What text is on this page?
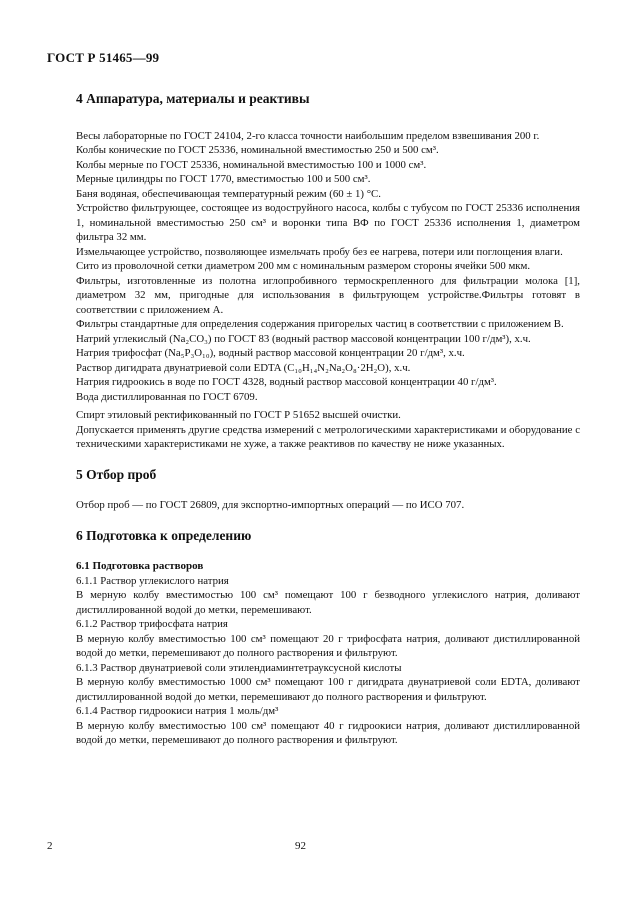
ГОСТ Р 51465—99
4 Аппаратура, материалы и реактивы

Весы лабораторные по ГОСТ 24104, 2-го класса точности наибольшим пределом взвешивания 200 г.

Колбы конические по ГОСТ 25336, номинальной вместимостью 250 и 500 см³.

Колбы мерные по ГОСТ 25336, номинальной вместимостью 100 и 1000 см³.

Мерные цилиндры по ГОСТ 1770, вместимостью 100 и 500 см³.

Баня водяная, обеспечивающая температурный режим (60 ± 1) °С.

Устройство фильтрующее, состоящее из водоструйного насоса, колбы с тубусом по ГОСТ 25336 исполнения 1, номинальной вместимостью 250 см³ и воронки типа ВФ по ГОСТ 25336 исполнения 1, диаметром фильтра 32 мм.

Измельчающее устройство, позволяющее измельчать пробу без ее нагрева, потери или поглощения влаги.

Сито из проволочной сетки диаметром 200 мм с номинальным размером стороны ячейки 500 мкм.

Фильтры, изготовленные из полотна иглопробивного термоскрепленного для фильтрации молока [1], диаметром 32 мм, пригодные для использования в фильтрующем устройстве.Фильтры готовят в соответствии с приложением А.

Фильтры стандартные для определения содержания пригорелых частиц в соответствии с приложением В.

Натрий углекислый (Na₂CO₃) по ГОСТ 83 (водный раствор массовой концентрации 100 г/дм³), х.ч.

Натрия трифосфат (Na₅P₃O₁₀), водный раствор массовой концентрации 20 г/дм³, х.ч.

Раствор дигидрата двунатриевой соли EDTA (C₁₀H₁₄N₂Na₂O₈·2H₂O), х.ч.

Натрия гидроокись в воде по ГОСТ 4328, водный раствор массовой концентрации 40 г/дм³.

Вода дистиллированная по ГОСТ 6709.

Спирт этиловый ректификованный по ГОСТ Р 51652 высшей очистки.

Допускается применять другие средства измерений с метрологическими характеристиками и оборудование с техническими характеристиками не хуже, а также реактивов по качеству не ниже указанных.

5 Отбор проб

Отбор проб — по ГОСТ 26809, для экспортно-импортных операций — по ИСО 707.

6 Подготовка к определению
6.1 Подготовка растворов

6.1.1 Раствор углекислого натрия

В мерную колбу вместимостью 100 см³ помещают 100 г безводного углекислого натрия, доливают дистиллированной водой до метки, перемешивают.

6.1.2 Раствор трифосфата натрия

В мерную колбу вместимостью 100 см³ помещают 20 г трифосфата натрия, доливают дистиллированной водой до метки, перемешивают до полного растворения и фильтруют.

6.1.3 Раствор двунатриевой соли этилендиаминтетрауксусной кислоты

В мерную колбу вместимостью 1000 см³ помещают 100 г дигидрата двунатриевой соли EDTA, доливают дистиллированной водой до метки, перемешивают до полного растворения и фильтруют.

6.1.4 Раствор гидроокиси натрия 1 моль/дм³

В мерную колбу вместимостью 100 см³ помещают 40 г гидроокиси натрия, доливают дистиллированной водой до метки, перемешивают до полного растворения и фильтруют.

2	92
